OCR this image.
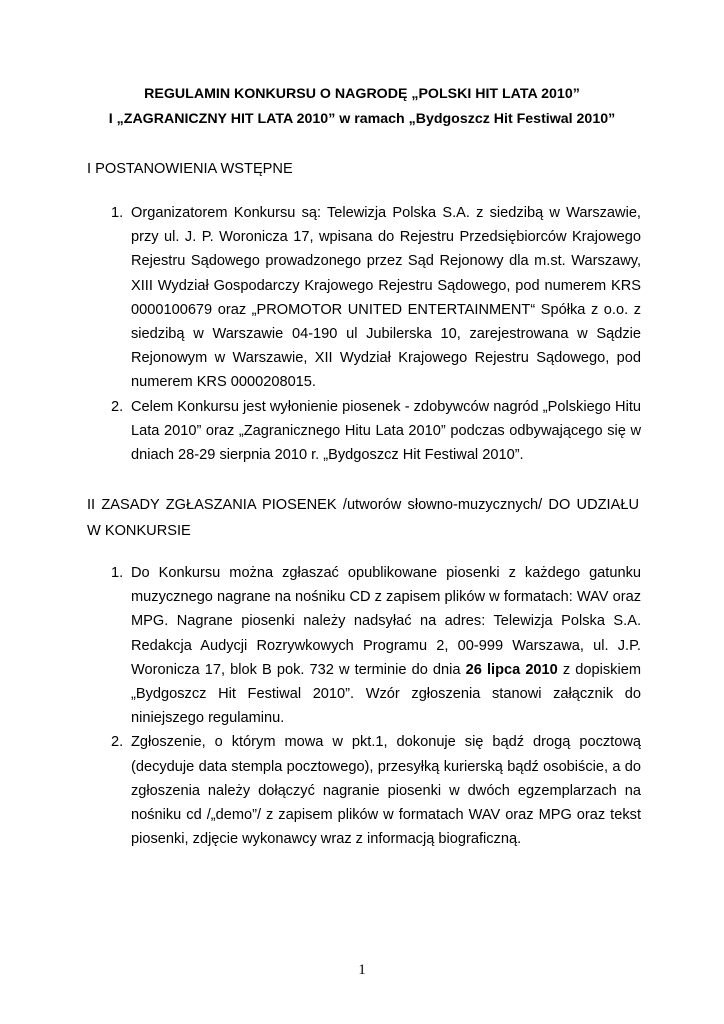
REGULAMIN KONKURSU O NAGRODĘ „POLSKI HIT LATA 2010”
I „ZAGRANICZNY HIT LATA 2010” w ramach „Bydgoszcz Hit Festiwal 2010”
I POSTANOWIENIA WSTĘPNE
1. Organizatorem Konkursu są: Telewizja Polska S.A. z siedzibą w Warszawie, przy ul. J. P. Woronicza 17, wpisana do Rejestru Przedsiębiorców Krajowego Rejestru Sądowego prowadzonego przez Sąd Rejonowy dla m.st. Warszawy, XIII Wydział Gospodarczy Krajowego Rejestru Sądowego, pod numerem KRS 0000100679 oraz „PROMOTOR UNITED ENTERTAINMENT“ Spółka z o.o. z siedzibą w Warszawie 04-190 ul Jubilerska 10, zarejestrowana w Sądzie Rejonowym w Warszawie, XII Wydział Krajowego Rejestru Sądowego, pod numerem KRS 0000208015.
2. Celem Konkursu jest wyłonienie piosenek - zdobywców nagród „Polskiego Hitu Lata 2010” oraz „Zagranicznego Hitu Lata 2010” podczas odbywającego się w dniach 28-29 sierpnia 2010 r. „Bydgoszcz Hit Festiwal 2010”.
II ZASADY ZGŁASZANIA PIOSENEK /utworów słowno-muzycznych/ DO UDZIAŁU W KONKURSIE
1. Do Konkursu można zgłaszać opublikowane piosenki z każdego gatunku muzycznego nagrane na nośniku CD z zapisem plików w formatach: WAV oraz MPG. Nagrane piosenki należy nadsyłać na adres: Telewizja Polska S.A. Redakcja Audycji Rozrywkowych Programu 2, 00-999 Warszawa, ul. J.P. Woronicza 17, blok B pok. 732 w terminie do dnia 26 lipca 2010 z dopiskiem „Bydgoszcz Hit Festiwal 2010”. Wzór zgłoszenia stanowi załącznik do niniejszego regulaminu.
2. Zgłoszenie, o którym mowa w pkt.1, dokonuje się bądź drogą pocztową (decyduje data stempla pocztowego), przesyłką kurierską bądź osobiście, a do zgłoszenia należy dołączyć nagranie piosenki w dwóch egzemplarzach na nośniku cd /„demo”/ z zapisem plików w formatach WAV oraz MPG oraz tekst piosenki, zdjęcie wykonawcy wraz z informacją biograficzną.
1
